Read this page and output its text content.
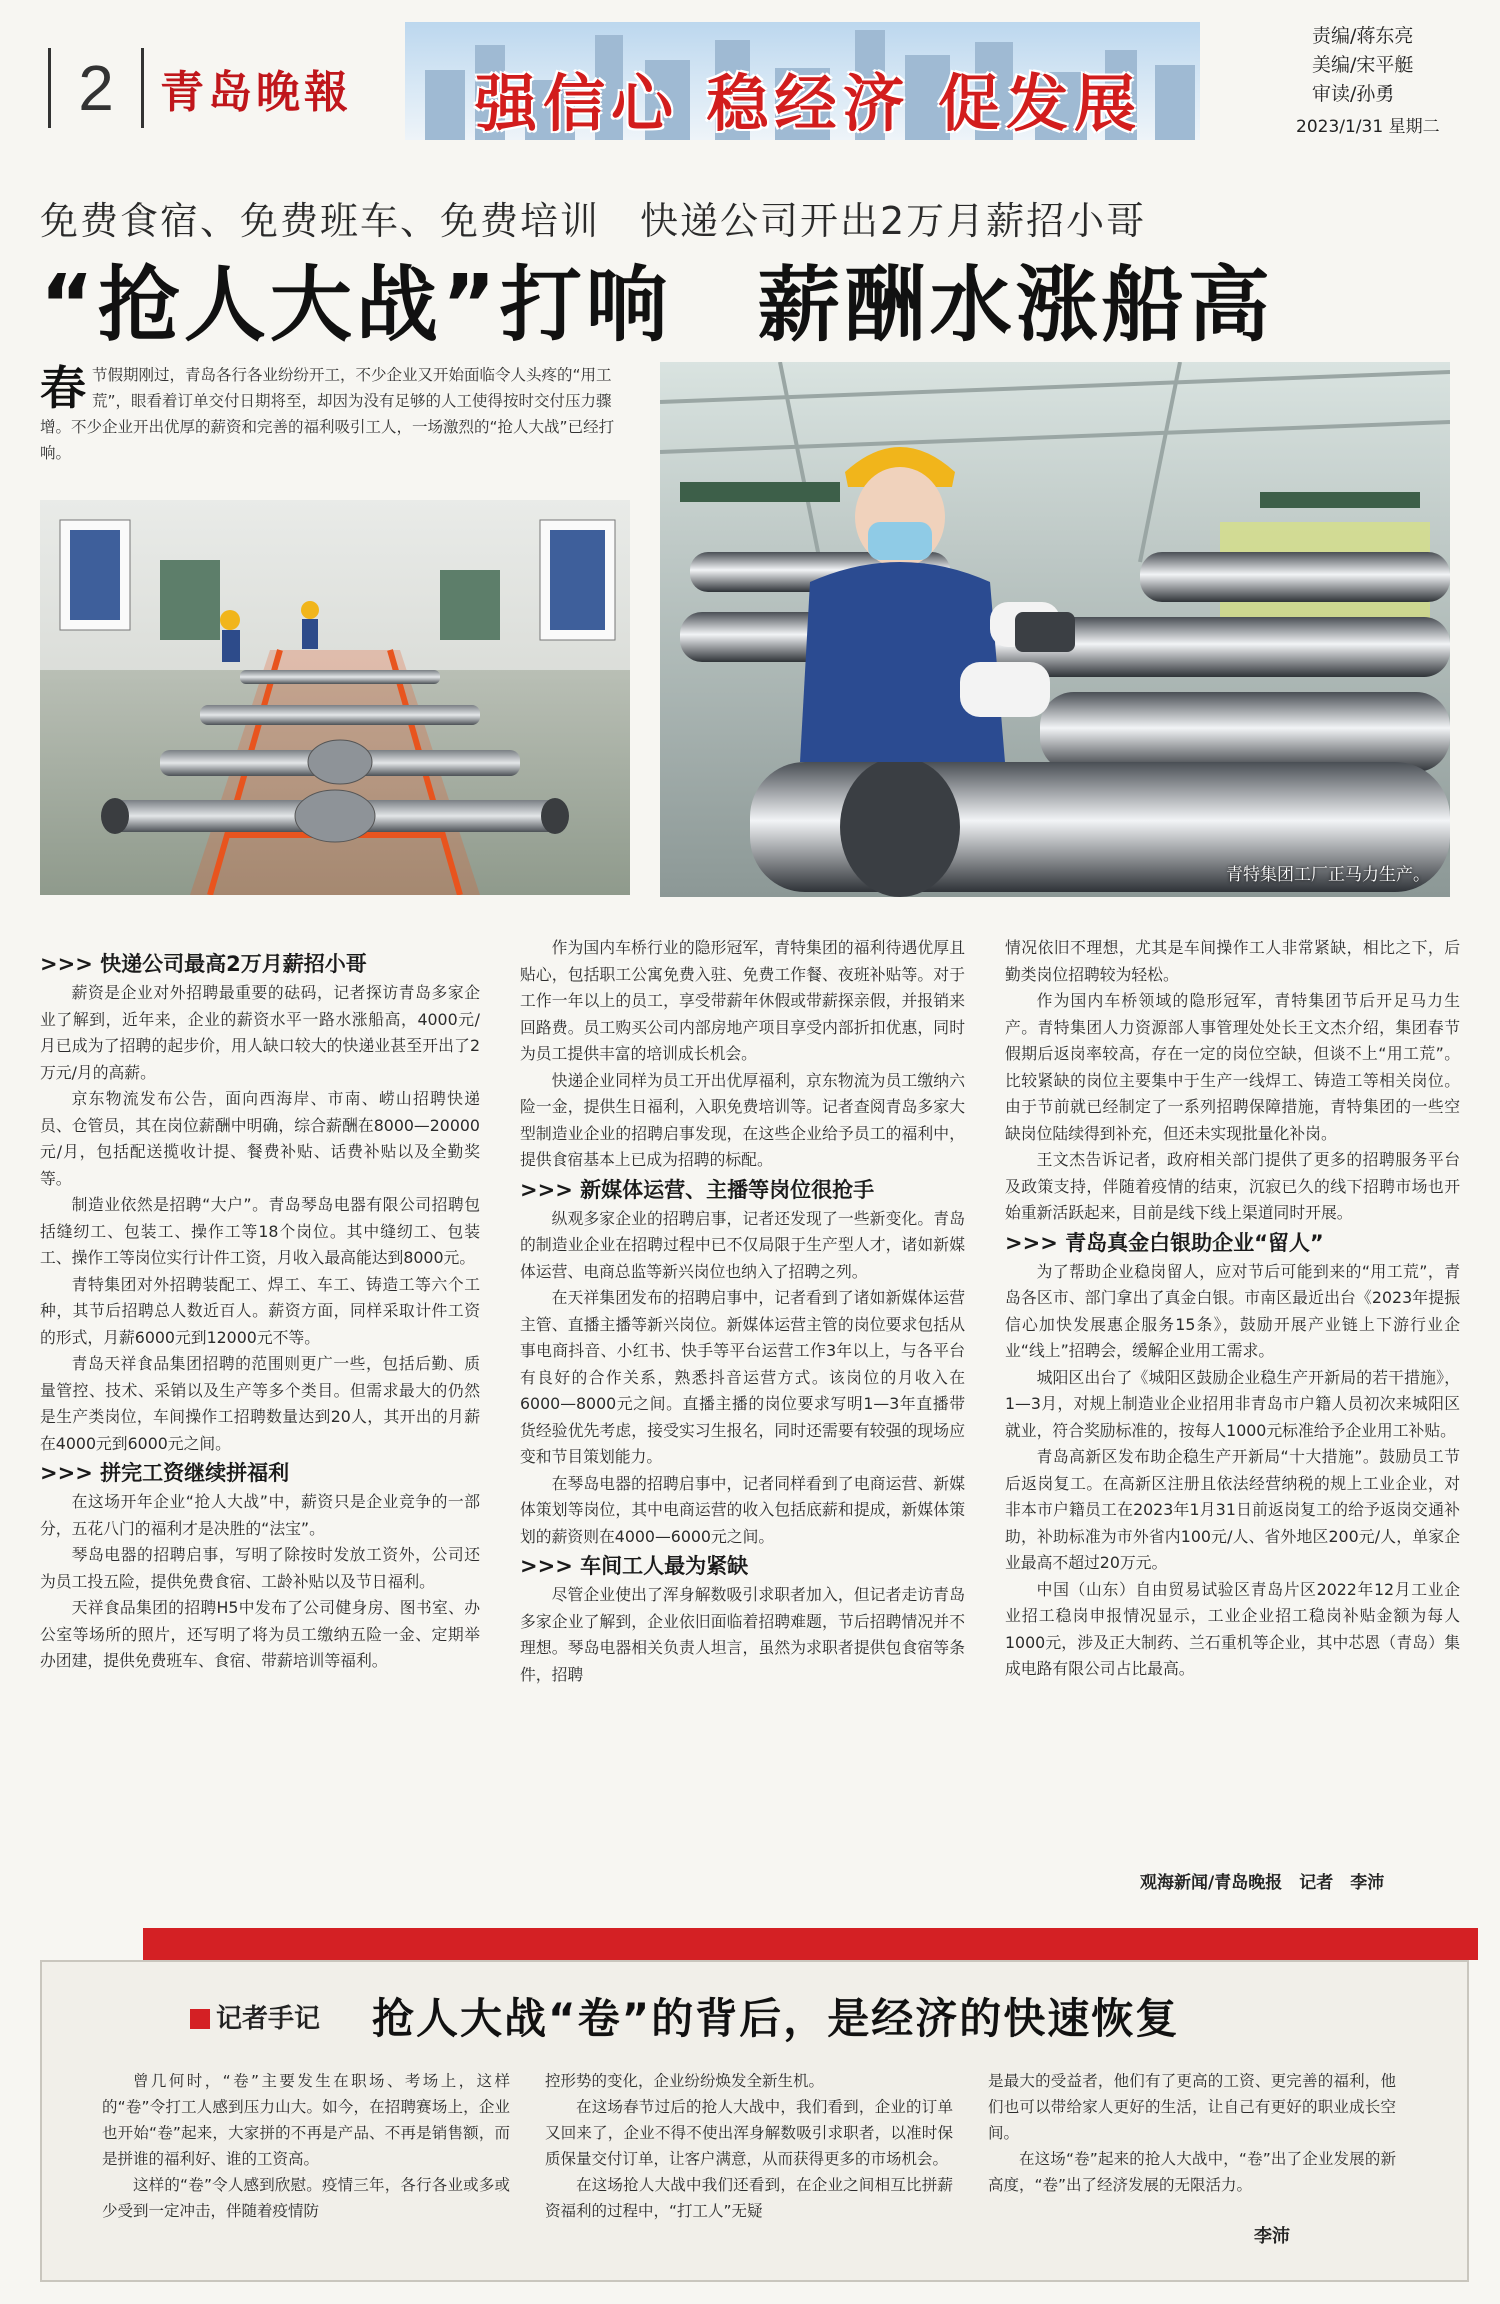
2	青岛晚報 强信心 稳经济 促发展
责编/蒋东亮
美编/宋平艇
审读/孙勇
2023/1/31 星期二
免费食宿、免费班车、免费培训　快递公司开出2万月薪招小哥
“抢人大战”打响　薪酬水涨船高
春 节假期刚过，青岛各行各业纷纷开工，不少企业又开始面临令人头疼的“用工荒”，眼看着订单交付日期将至，却因为没有足够的人工使得按时交付压力骤增。不少企业开出优厚的薪资和完善的福利吸引工人，一场激烈的“抢人大战”已经打响。
青特集团工厂正马力生产。

>>> 快递公司最高2万月薪招小哥

薪资是企业对外招聘最重要的砝码，记者探访青岛多家企业了解到，近年来，企业的薪资水平一路水涨船高，4000元/月已成为了招聘的起步价，用人缺口较大的快递业甚至开出了2万元/月的高薪。

京东物流发布公告，面向西海岸、市南、崂山招聘快递员、仓管员，其在岗位薪酬中明确，综合薪酬在8000—20000元/月，包括配送揽收计提、餐费补贴、话费补贴以及全勤奖等。

制造业依然是招聘“大户”。青岛琴岛电器有限公司招聘包括缝纫工、包装工、操作工等18个岗位。其中缝纫工、包装工、操作工等岗位实行计件工资，月收入最高能达到8000元。

青特集团对外招聘装配工、焊工、车工、铸造工等六个工种，其节后招聘总人数近百人。薪资方面，同样采取计件工资的形式，月薪6000元到12000元不等。

青岛天祥食品集团招聘的范围则更广一些，包括后勤、质量管控、技术、采销以及生产等多个类目。但需求最大的仍然是生产类岗位，车间操作工招聘数量达到20人，其开出的月薪在4000元到6000元之间。

>>> 拼完工资继续拼福利

在这场开年企业“抢人大战”中，薪资只是企业竞争的一部分，五花八门的福利才是决胜的“法宝”。

琴岛电器的招聘启事，写明了除按时发放工资外，公司还为员工投五险，提供免费食宿、工龄补贴以及节日福利。

天祥食品集团的招聘H5中发布了公司健身房、图书室、办公室等场所的照片，还写明了将为员工缴纳五险一金、定期举办团建，提供免费班车、食宿、带薪培训等福利。

作为国内车桥行业的隐形冠军，青特集团的福利待遇优厚且贴心，包括职工公寓免费入驻、免费工作餐、夜班补贴等。对于工作一年以上的员工，享受带薪年休假或带薪探亲假，并报销来回路费。员工购买公司内部房地产项目享受内部折扣优惠，同时为员工提供丰富的培训成长机会。

快递企业同样为员工开出优厚福利，京东物流为员工缴纳六险一金，提供生日福利，入职免费培训等。记者查阅青岛多家大型制造业企业的招聘启事发现，在这些企业给予员工的福利中，提供食宿基本上已成为招聘的标配。

>>> 新媒体运营、主播等岗位很抢手

纵观多家企业的招聘启事，记者还发现了一些新变化。青岛的制造业企业在招聘过程中已不仅局限于生产型人才，诸如新媒体运营、电商总监等新兴岗位也纳入了招聘之列。

在天祥集团发布的招聘启事中，记者看到了诸如新媒体运营主管、直播主播等新兴岗位。新媒体运营主管的岗位要求包括从事电商抖音、小红书、快手等平台运营工作3年以上，与各平台有良好的合作关系，熟悉抖音运营方式。该岗位的月收入在6000—8000元之间。直播主播的岗位要求写明1—3年直播带货经验优先考虑，接受实习生报名，同时还需要有较强的现场应变和节目策划能力。

在琴岛电器的招聘启事中，记者同样看到了电商运营、新媒体策划等岗位，其中电商运营的收入包括底薪和提成，新媒体策划的薪资则在4000—6000元之间。

>>> 车间工人最为紧缺

尽管企业使出了浑身解数吸引求职者加入，但记者走访青岛多家企业了解到，企业依旧面临着招聘难题，节后招聘情况并不理想。琴岛电器相关负责人坦言，虽然为求职者提供包食宿等条件，招聘

情况依旧不理想，尤其是车间操作工人非常紧缺，相比之下，后勤类岗位招聘较为轻松。

作为国内车桥领域的隐形冠军，青特集团节后开足马力生产。青特集团人力资源部人事管理处处长王文杰介绍，集团春节假期后返岗率较高，存在一定的岗位空缺，但谈不上“用工荒”。比较紧缺的岗位主要集中于生产一线焊工、铸造工等相关岗位。由于节前就已经制定了一系列招聘保障措施，青特集团的一些空缺岗位陆续得到补充，但还未实现批量化补岗。

王文杰告诉记者，政府相关部门提供了更多的招聘服务平台及政策支持，伴随着疫情的结束，沉寂已久的线下招聘市场也开始重新活跃起来，目前是线下线上渠道同时开展。

>>> 青岛真金白银助企业“留人”

为了帮助企业稳岗留人，应对节后可能到来的“用工荒”，青岛各区市、部门拿出了真金白银。市南区最近出台《2023年提振信心加快发展惠企服务15条》，鼓励开展产业链上下游行业企业“线上”招聘会，缓解企业用工需求。

城阳区出台了《城阳区鼓励企业稳生产开新局的若干措施》，1—3月，对规上制造业企业招用非青岛市户籍人员初次来城阳区就业，符合奖励标准的，按每人1000元标准给予企业用工补贴。

青岛高新区发布助企稳生产开新局“十大措施”。鼓励员工节后返岗复工。在高新区注册且依法经营纳税的规上工业企业，对非本市户籍员工在2023年1月31日前返岗复工的给予返岗交通补助，补助标准为市外省内100元/人、省外地区200元/人，单家企业最高不超过20万元。

中国（山东）自由贸易试验区青岛片区2022年12月工业企业招工稳岗申报情况显示，工业企业招工稳岗补贴金额为每人1000元，涉及正大制药、兰石重机等企业，其中芯恩（青岛）集成电路有限公司占比最高。

观海新闻/青岛晚报　记者　李沛
记者手记 抢人大战“卷”的背后，是经济的快速恢复

曾几何时，“卷”主要发生在职场、考场上，这样的“卷”令打工人感到压力山大。如今，在招聘赛场上，企业也开始“卷”起来，大家拼的不再是产品、不再是销售额，而是拼谁的福利好、谁的工资高。

这样的“卷”令人感到欣慰。疫情三年，各行各业或多或少受到一定冲击，伴随着疫情防

控形势的变化，企业纷纷焕发全新生机。

在这场春节过后的抢人大战中，我们看到，企业的订单又回来了，企业不得不使出浑身解数吸引求职者，以准时保质保量交付订单，让客户满意，从而获得更多的市场机会。

在这场抢人大战中我们还看到，在企业之间相互比拼薪资福利的过程中，“打工人”无疑

是最大的受益者，他们有了更高的工资、更完善的福利，他们也可以带给家人更好的生活，让自己有更好的职业成长空间。

在这场“卷”起来的抢人大战中，“卷”出了企业发展的新高度，“卷”出了经济发展的无限活力。

李沛
